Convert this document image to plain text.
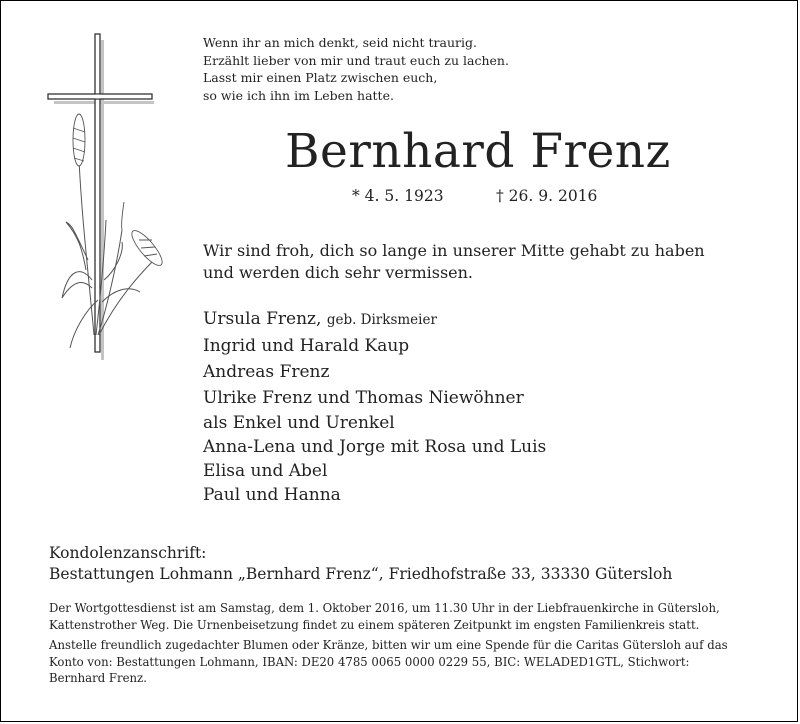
Wenn ihr an mich denkt, seid nicht traurig.
Erzählt lieber von mir und traut euch zu lachen.
Lasst mir einen Platz zwischen euch,
so wie ich ihn im Leben hatte.
Bernhard Frenz
* 4. 5. 1923	† 26. 9. 2016
Wir sind froh, dich so lange in unserer Mitte gehabt zu haben
und werden dich sehr vermissen.
Ursula Frenz, geb. Dirksmeier
Ingrid und Harald Kaup
Andreas Frenz
Ulrike Frenz und Thomas Niewöhner
als Enkel und Urenkel
Anna-Lena und Jorge mit Rosa und Luis
Elisa und Abel
Paul und Hanna
Kondolenzanschrift:
Bestattungen Lohmann „Bernhard Frenz“, Friedhofstraße 33, 33330 Gütersloh

Der Wortgottesdienst ist am Samstag, dem 1. Oktober 2016, um 11.30 Uhr in der Liebfrauenkirche in Gütersloh, Kattenstrother Weg. Die Urnenbeisetzung findet zu einem späteren Zeitpunkt im engsten Familienkreis statt.

Anstelle freundlich zugedachter Blumen oder Kränze, bitten wir um eine Spende für die Caritas Gütersloh auf das Konto von: Bestattungen Lohmann, IBAN: DE20 4785 0065 0000 0229 55, BIC: WELADED1GTL, Stichwort: Bernhard Frenz.
